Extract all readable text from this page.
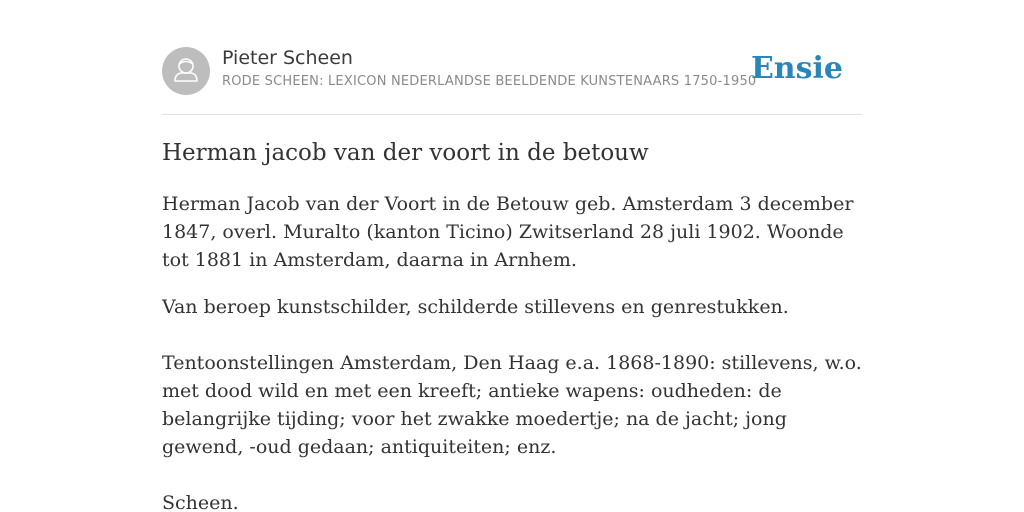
Pieter Scheen
RODE SCHEEN: LEXICON NEDERLANDSE BEELDENDE KUNSTENAARS 1750-1950
Ensie
Herman jacob van der voort in de betouw

Herman Jacob van der Voort in de Betouw geb. Amsterdam 3 december 1847, overl. Muralto (kanton Ticino) Zwitserland 28 juli 1902. Woonde tot 1881 in Amsterdam, daarna in Arnhem.

Van beroep kunstschilder, schilderde stillevens en genrestukken.

Tentoonstellingen Amsterdam, Den Haag e.a. 1868-1890: stillevens, w.o. met dood wild en met een kreeft; antieke wapens: oudheden: de belangrijke tijding; voor het zwakke moedertje; na de jacht; jong gewend, -oud gedaan; antiquiteiten; enz.

Scheen.
